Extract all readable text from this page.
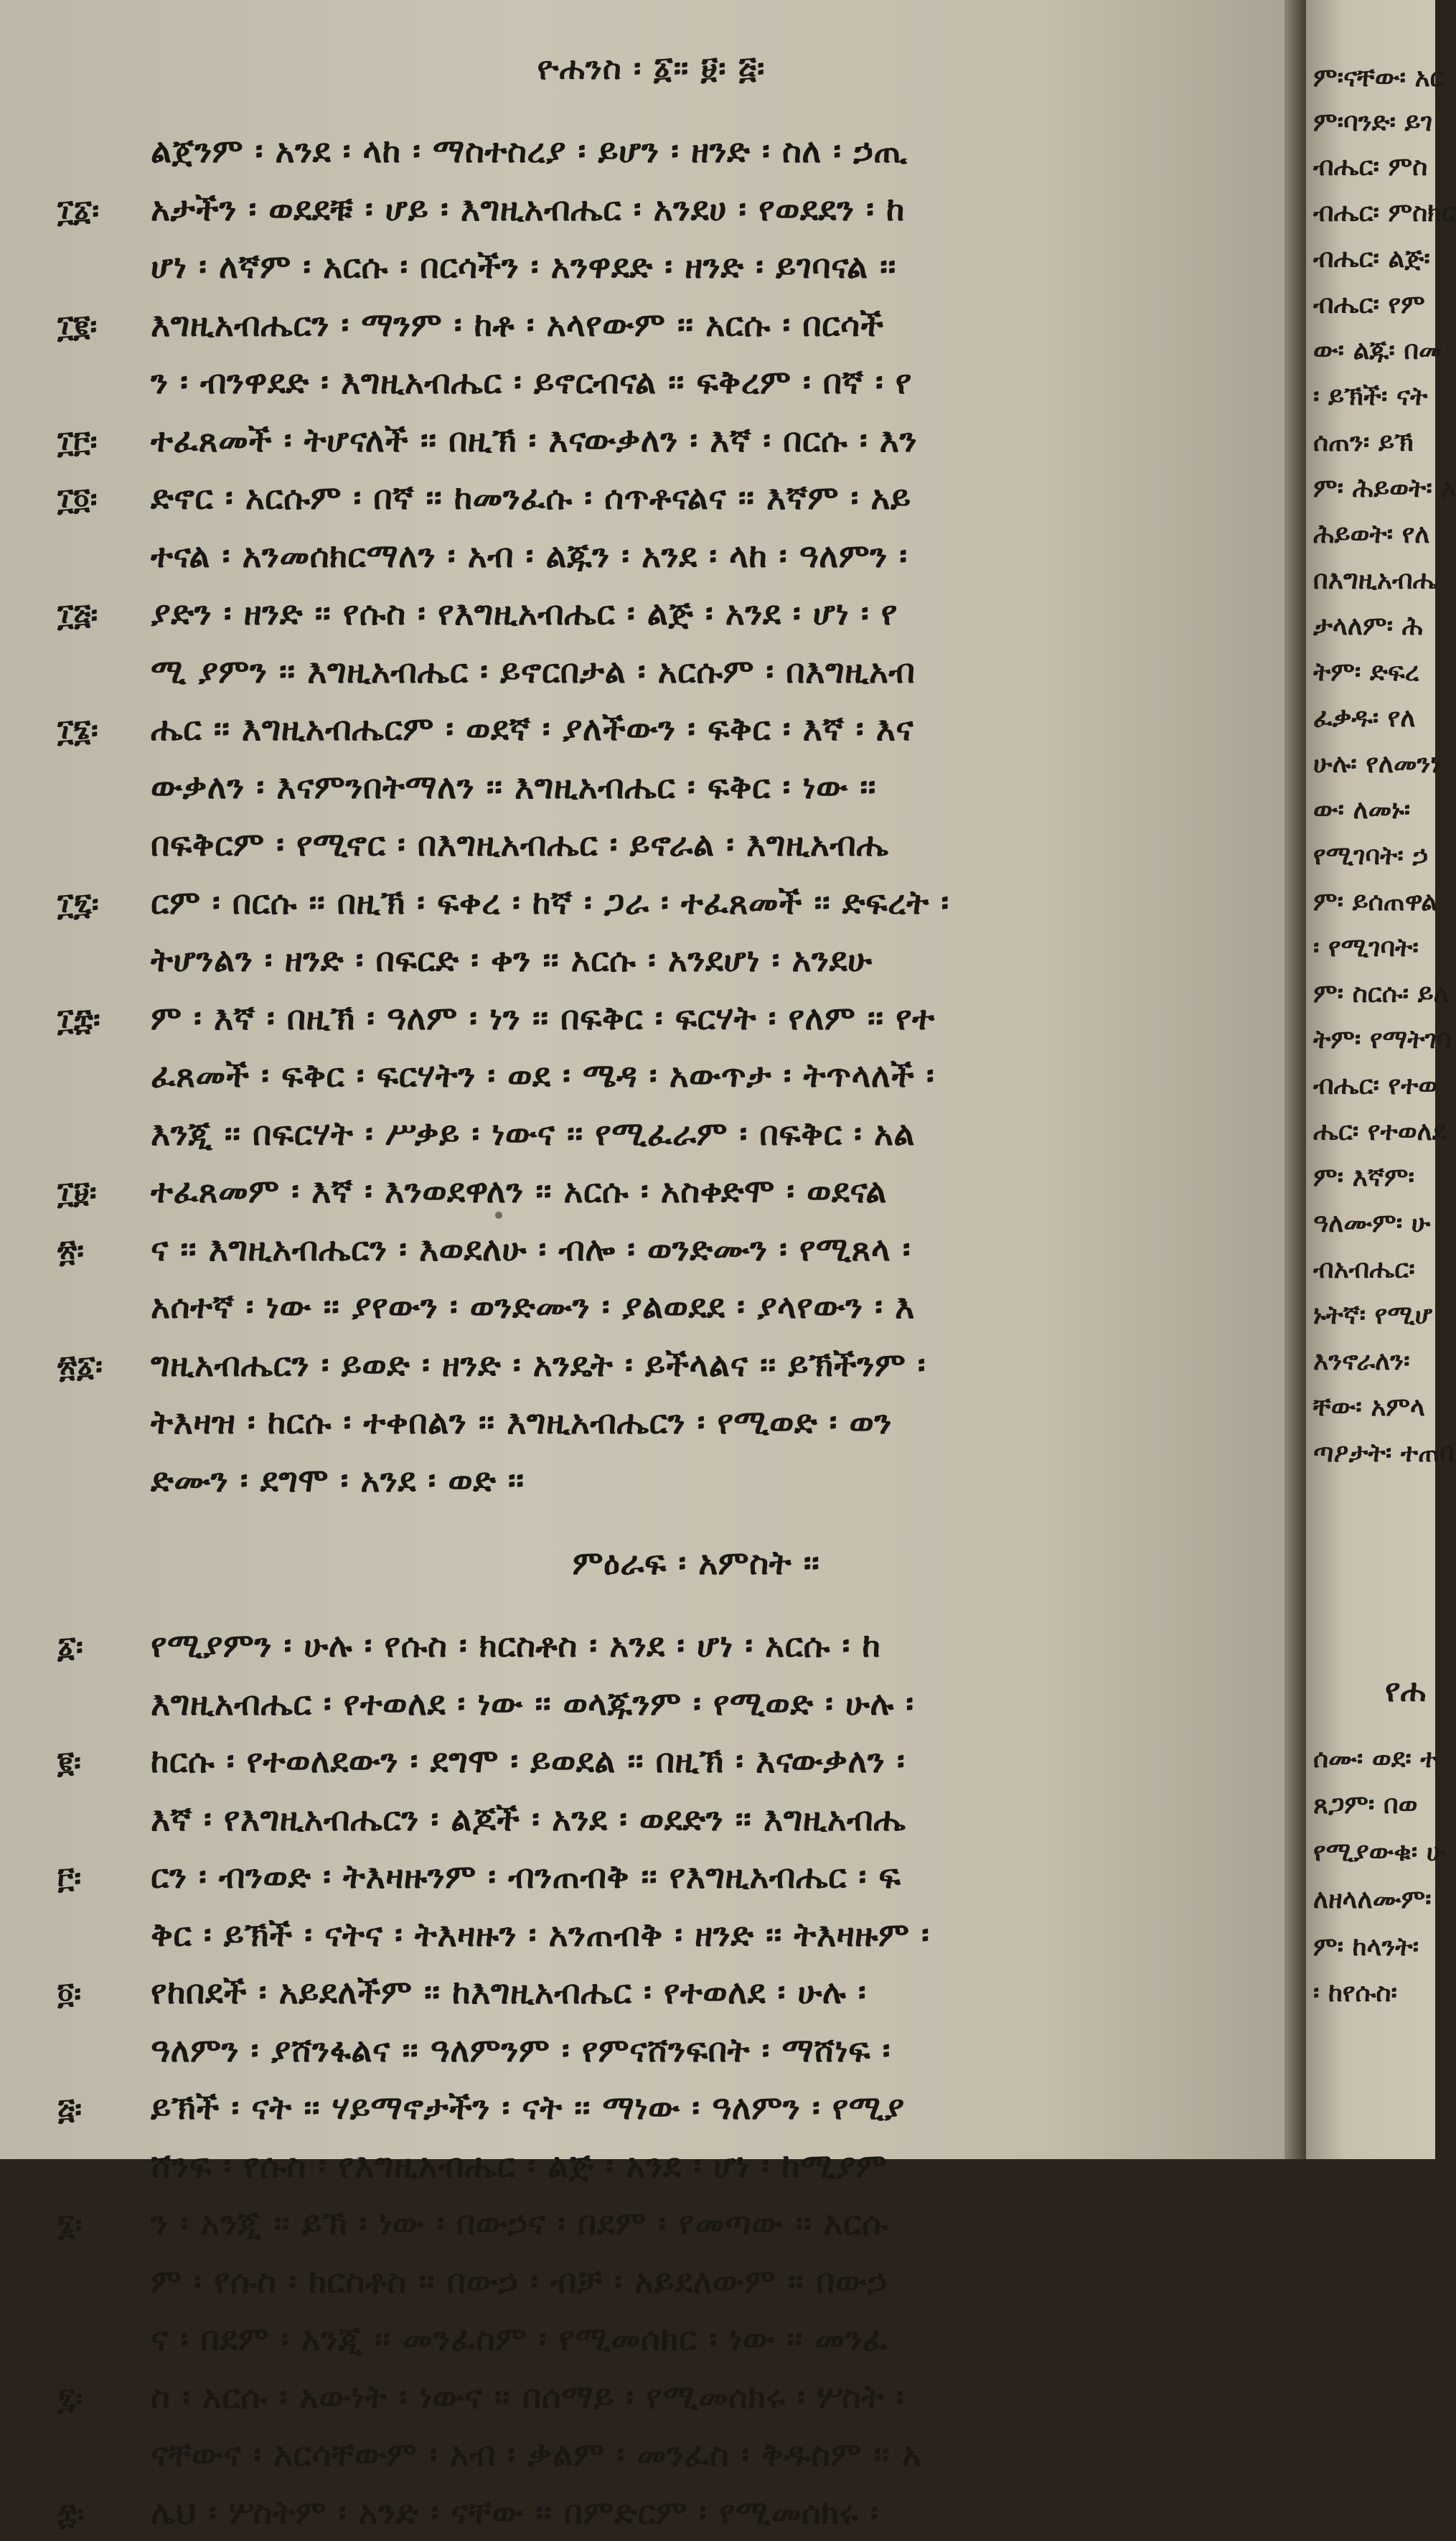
ዮሐንስ ፡ ፩። ፱፡ ፭፡
፲፩፡
፲፪፡
፲፫፡
፲፬፡
፲፭፡
፲፮፡
፲፯፡
፲፰፡
፲፱፡
፳፡
፳፩፡
፩፡
፪፡
፫፡
፬፡
፭፡
፮፡
፯፡
፰፡
ልጀንም ፡ አንደ ፡ ላከ ፡ ማስተስረያ ፡ ይሆን ፡ ዘንድ ፡ ስለ ፡ ኃጢ
አታችን ፡ ወደደቹ ፡ ሆይ ፡ እግዚአብሔር ፡ አንደሀ ፡ የወደደን ፡ ከ
ሆነ ፡ ለኛም ፡ አርሱ ፡ በርሳችን ፡ አንዋደድ ፡ ዘንድ ፡ ይገባናል ፡፡
እግዚአብሔርን ፡ ማንም ፡ ከቶ ፡ አላየውም ፡፡ አርሱ ፡ በርሳች
ን ፡ ብንዋደድ ፡ እግዚአብሔር ፡ ይኖርብናል ፡፡ ፍቅረም ፡ በኛ ፡ የ
ተፈጸመች ፡ ትሆናለች ፡፡ በዚኽ ፡ እናውቃለን ፡ እኛ ፡ በርሱ ፡ እን
ድኖር ፡ አርሱም ፡ በኛ ፡፡ ከመንፈሱ ፡ ሰጥቶናልና ፡፡ እኛም ፡ አይ
ተናል ፡ አንመሰክርማለን ፡ አብ ፡ ልጁን ፡ አንደ ፡ ላከ ፡ ዓለምን ፡
ያድን ፡ ዘንድ ፡፡ የሱስ ፡ የእግዚአብሔር ፡ ልጅ ፡ አንደ ፡ ሆነ ፡ የ
ሚ ያምን ፡፡ እግዚአብሔር ፡ ይኖርበታል ፡ አርሱም ፡ በእግዚአብ
ሔር ፡፡ እግዚአብሔርም ፡ ወደኛ ፡ ያለችውን ፡ ፍቅር ፡ እኛ ፡ እና
ውቃለን ፡ እናምንበትማለን ፡፡ እግዚአብሔር ፡ ፍቅር ፡ ነው ፡፡
በፍቅርም ፡ የሚኖር ፡ በእግዚአብሔር ፡ ይኖራል ፡ እግዚአብሔ
ርም ፡ በርሱ ፡፡ በዚኽ ፡ ፍቀረ ፡ ከኛ ፡ ጋራ ፡ ተፈጸመች ፡፡ ድፍረት ፡
ትሆንልን ፡ ዘንድ ፡ በፍርድ ፡ ቀን ፡፡ አርሱ ፡ አንደሆነ ፡ አንደሁ
ም ፡ እኛ ፡ በዚኽ ፡ ዓለም ፡ ነን ፡፡ በፍቅር ፡ ፍርሃት ፡ የለም ፡፡ የተ
ፈጸመች ፡ ፍቅር ፡ ፍርሃትን ፡ ወደ ፡ ሜዳ ፡ አውጥታ ፡ ትጥላለች ፡
እንጂ ፡፡ በፍርሃት ፡ ሥቃይ ፡ ነውና ፡፡ የሚፈራም ፡ በፍቅር ፡ አል
ተፈጸመም ፡ እኛ ፡ እንወደዋለን ፡፡ አርሱ ፡ አስቀድሞ ፡ ወደናል
ና ፡፡ እግዚአብሔርን ፡ እወደለሁ ፡ ብሎ ፡ ወንድሙን ፡ የሚጸላ ፡
አሰተኛ ፡ ነው ፡፡ ያየውን ፡ ወንድሙን ፡ ያልወደደ ፡ ያላየውን ፡ እ
ግዚአብሔርን ፡ ይወድ ፡ ዘንድ ፡ አንዴት ፡ ይችላልና ፡፡ ይኽችንም ፡
ትእዛዝ ፡ ከርሱ ፡ ተቀበልን ፡፡ እግዚአብሔርን ፡ የሚወድ ፡ ወን
ድሙን ፡ ደግሞ ፡ አንደ ፡ ወድ ፡፡
ምዕራፍ ፡ አምስት ፡፡
የሚያምን ፡ ሁሉ ፡ የሱስ ፡ ክርስቶስ ፡ አንደ ፡ ሆነ ፡ አርሱ ፡ ከ
እግዚአብሔር ፡ የተወለደ ፡ ነው ፡፡ ወላጁንም ፡ የሚወድ ፡ ሁሉ ፡
ከርሱ ፡ የተወለደውን ፡ ደግሞ ፡ ይወደል ፡፡ በዚኽ ፡ እናውቃለን ፡
እኛ ፡ የእግዚአብሔርን ፡ ልጆች ፡ አንደ ፡ ወደድን ፡፡ እግዚአብሔ
ርን ፡ ብንወድ ፡ ትእዛዙንም ፡ ብንጠብቅ ፡፡ የእግዚአብሔር ፡ ፍ
ቅር ፡ ይኽች ፡ ናትና ፡ ትእዛዙን ፡ አንጠብቅ ፡ ዘንድ ፡፡ ትእዛዙም ፡
የከበደች ፡ አይደለችም ፡፡ ከእግዚአብሔር ፡ የተወለደ ፡ ሁሉ ፡
ዓለምን ፡ ያሸንፋልና ፡፡ ዓለምንም ፡ የምናሸንፍበት ፡ ማሸነፍ ፡
ይኽች ፡ ናት ፡፡ ሃይማኖታችን ፡ ናት ፡፡ ማነው ፡ ዓለምን ፡ የሚያ
ሸንፍ ፡ የሱስ ፡ የእግዚአብሔር ፡ ልጅ ፡ አንደ ፡ ሆነ ፡ ከሚያም
ን ፡ አንጂ ፡፡ ይኽ ፡ ነው ፡ በውኃና ፡ በደም ፡ የመጣው ፡፡ አርሱ
ም ፡ የሱስ ፡ ክርስቶስ ፡፡ በውኃ ፡ ብቻ ፡ አይደለውም ፡፡ በውኃ
ና ፡ በደም ፡ አንጂ ፡፡ መንፈስም ፡ የሚመሰክር ፡ ነው ፡፡ መንፈ
ስ ፡ አርሱ ፡ አውነት ፡ ነውና ፡፡ በሰማይ ፡ የሚመሰክሩ ፡ ሦስት ፡
ናቸውና ፡ አርሳቸውም ፡ አብ ፡ ቃልም ፡ መንፈስ ፡ ቅዱስም ፡፡ አ
ሌህ ፡ ሦስትም ፡ አንድ ፡ ናቸው ፡፡ በምድርም ፡ የሚመሰክሩ ፡
የሐ
ም፡ናቸው፡ አር
ም፡ባንድ፡ ይገ
ብሔር፡ ምስ
ብሔር፡ ምስክር
ብሔር፡ ልጅ፡
ብሔር፡ የም
ው፡ ልጁ፡ በመ
፡ ይኽች፡ ናት
ሰጠን፡ ይኽ
ም፡ ሕይወት፡ አ
ሕይወት፡ የለ
በእግዚአብሔ
ታላለም፡ ሕ
ትም፡ ድፍረ
ፈቃዱ፡ የለ
ሁሉ፡ የለመንነ
ው፡ ለመኑ፡
የሚገባት፡ ኃ
ም፡ ይሰጠዋል
፡ የሚገባት፡
ም፡ ስርሱ፡ ይለ
ትም፡ የማትገባ
ብሔር፡ የተወ
ሔር፡ የተወለደ
ም፡ እኛም፡
ዓለሙም፡ ሁ
ብአብሔር፡
ኑትኛ፡ የሚሆ
እንኖራለን፡
ቸው፡ አምላ
ጣዖታት፡ ተጠበ
ሰሙ፡ ወደ፡ ተ
ጸጋም፡ በወ
የሚያውቁ፡ ሁ
ለዘላለሙም፡
ም፡ ከላንት፡
፡ ከየሱስ፡
